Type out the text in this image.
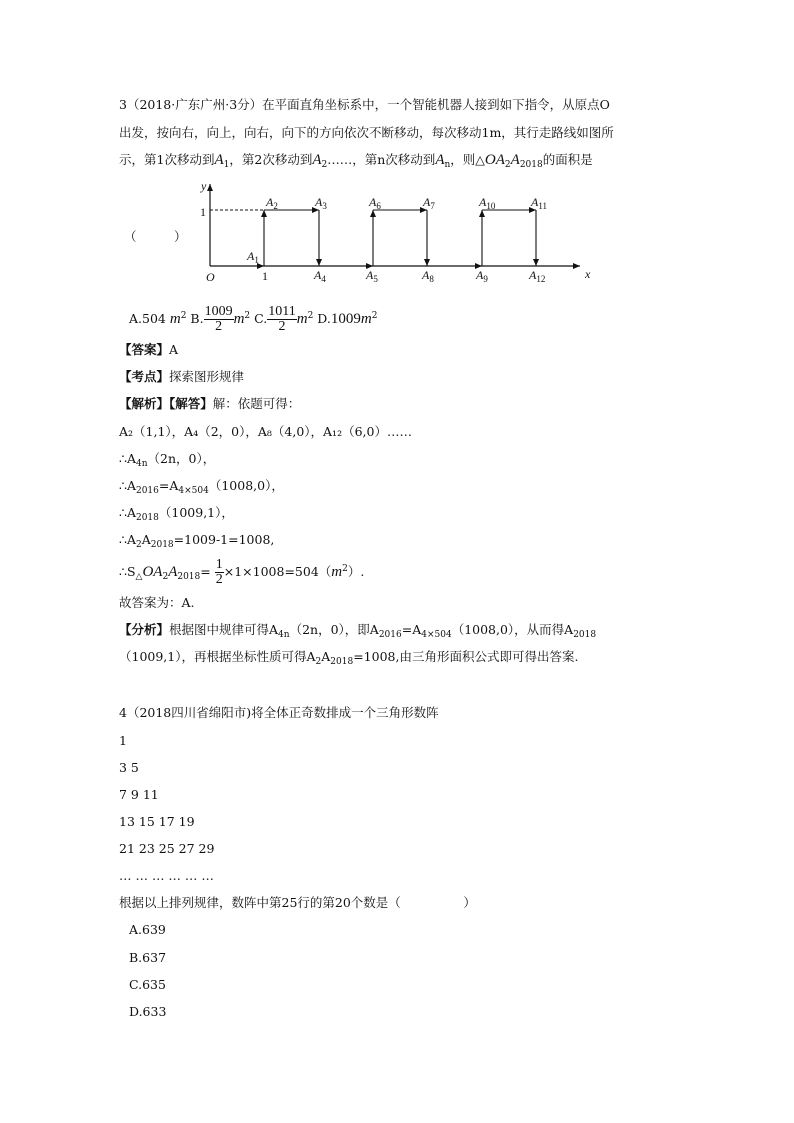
3（2018·广东广州·3分）在平面直角坐标系中，一个智能机器人接到如下指令，从原点O
出发，按向右，向上，向右，向下的方向依次不断移动，每次移动1m，其行走路线如图所
示，第1次移动到$A_1$，第2次移动到$A_2\dots\dots$，第n次移动到$A_n$，则$\triangle OA_2A_{2018}$的面积是
（　　　）
y
x
O
1
1
$A_1$
$A_2$	$A_3$	$A_6$	$A_7$	$A_{10}$	$A_{11}$
$A_4$	$A_5$	$A_8$	$A_9$	$A_{12}$
A.504 $m^2$ B. $\frac{1009}{2} m^2$ C. $\frac{1011}{2} m^2$ $D.1009m^2$
【答案】A
【考点】探索图形规律
【解析】【解答】解：依题可得：
A₂（1,1），A₄（2，0），A₈（4,0），A₁₂（6,0）……
$\therefore A_{4n}(2n$，0），
$\therefore A_{2016}=A_{4\times 504}(1008,0)$，
$\therefore A_{2018}(1009,1)$，
$\therefore A_2A_{2018}=1009-1=1008$,
$\therefore S_\triangle OA_2A_{2018}= \frac{1}{2} \times 1\times 1008=504(m^2)$.
故答案为：A.
【分析】根据图中规律可得$A_{4n}(2n$，0），即$A_{2016}=A_{4\times 504}(1008,0)$，从而得$A_{2018}$
（1009,1），再根据坐标性质可得$A_2A_{2018}=1008$,由三角形面积公式即可得出答案.
4（2018四川省绵阳市)将全体正奇数排成一个三角形数阵
1
3 5
7 9 11
13 15 17 19
21 23 25 27 29
… … … … … …
根据以上排列规律，数阵中第25行的第20个数是（　　　　　）
A.639
B.637
C.635
D.633
